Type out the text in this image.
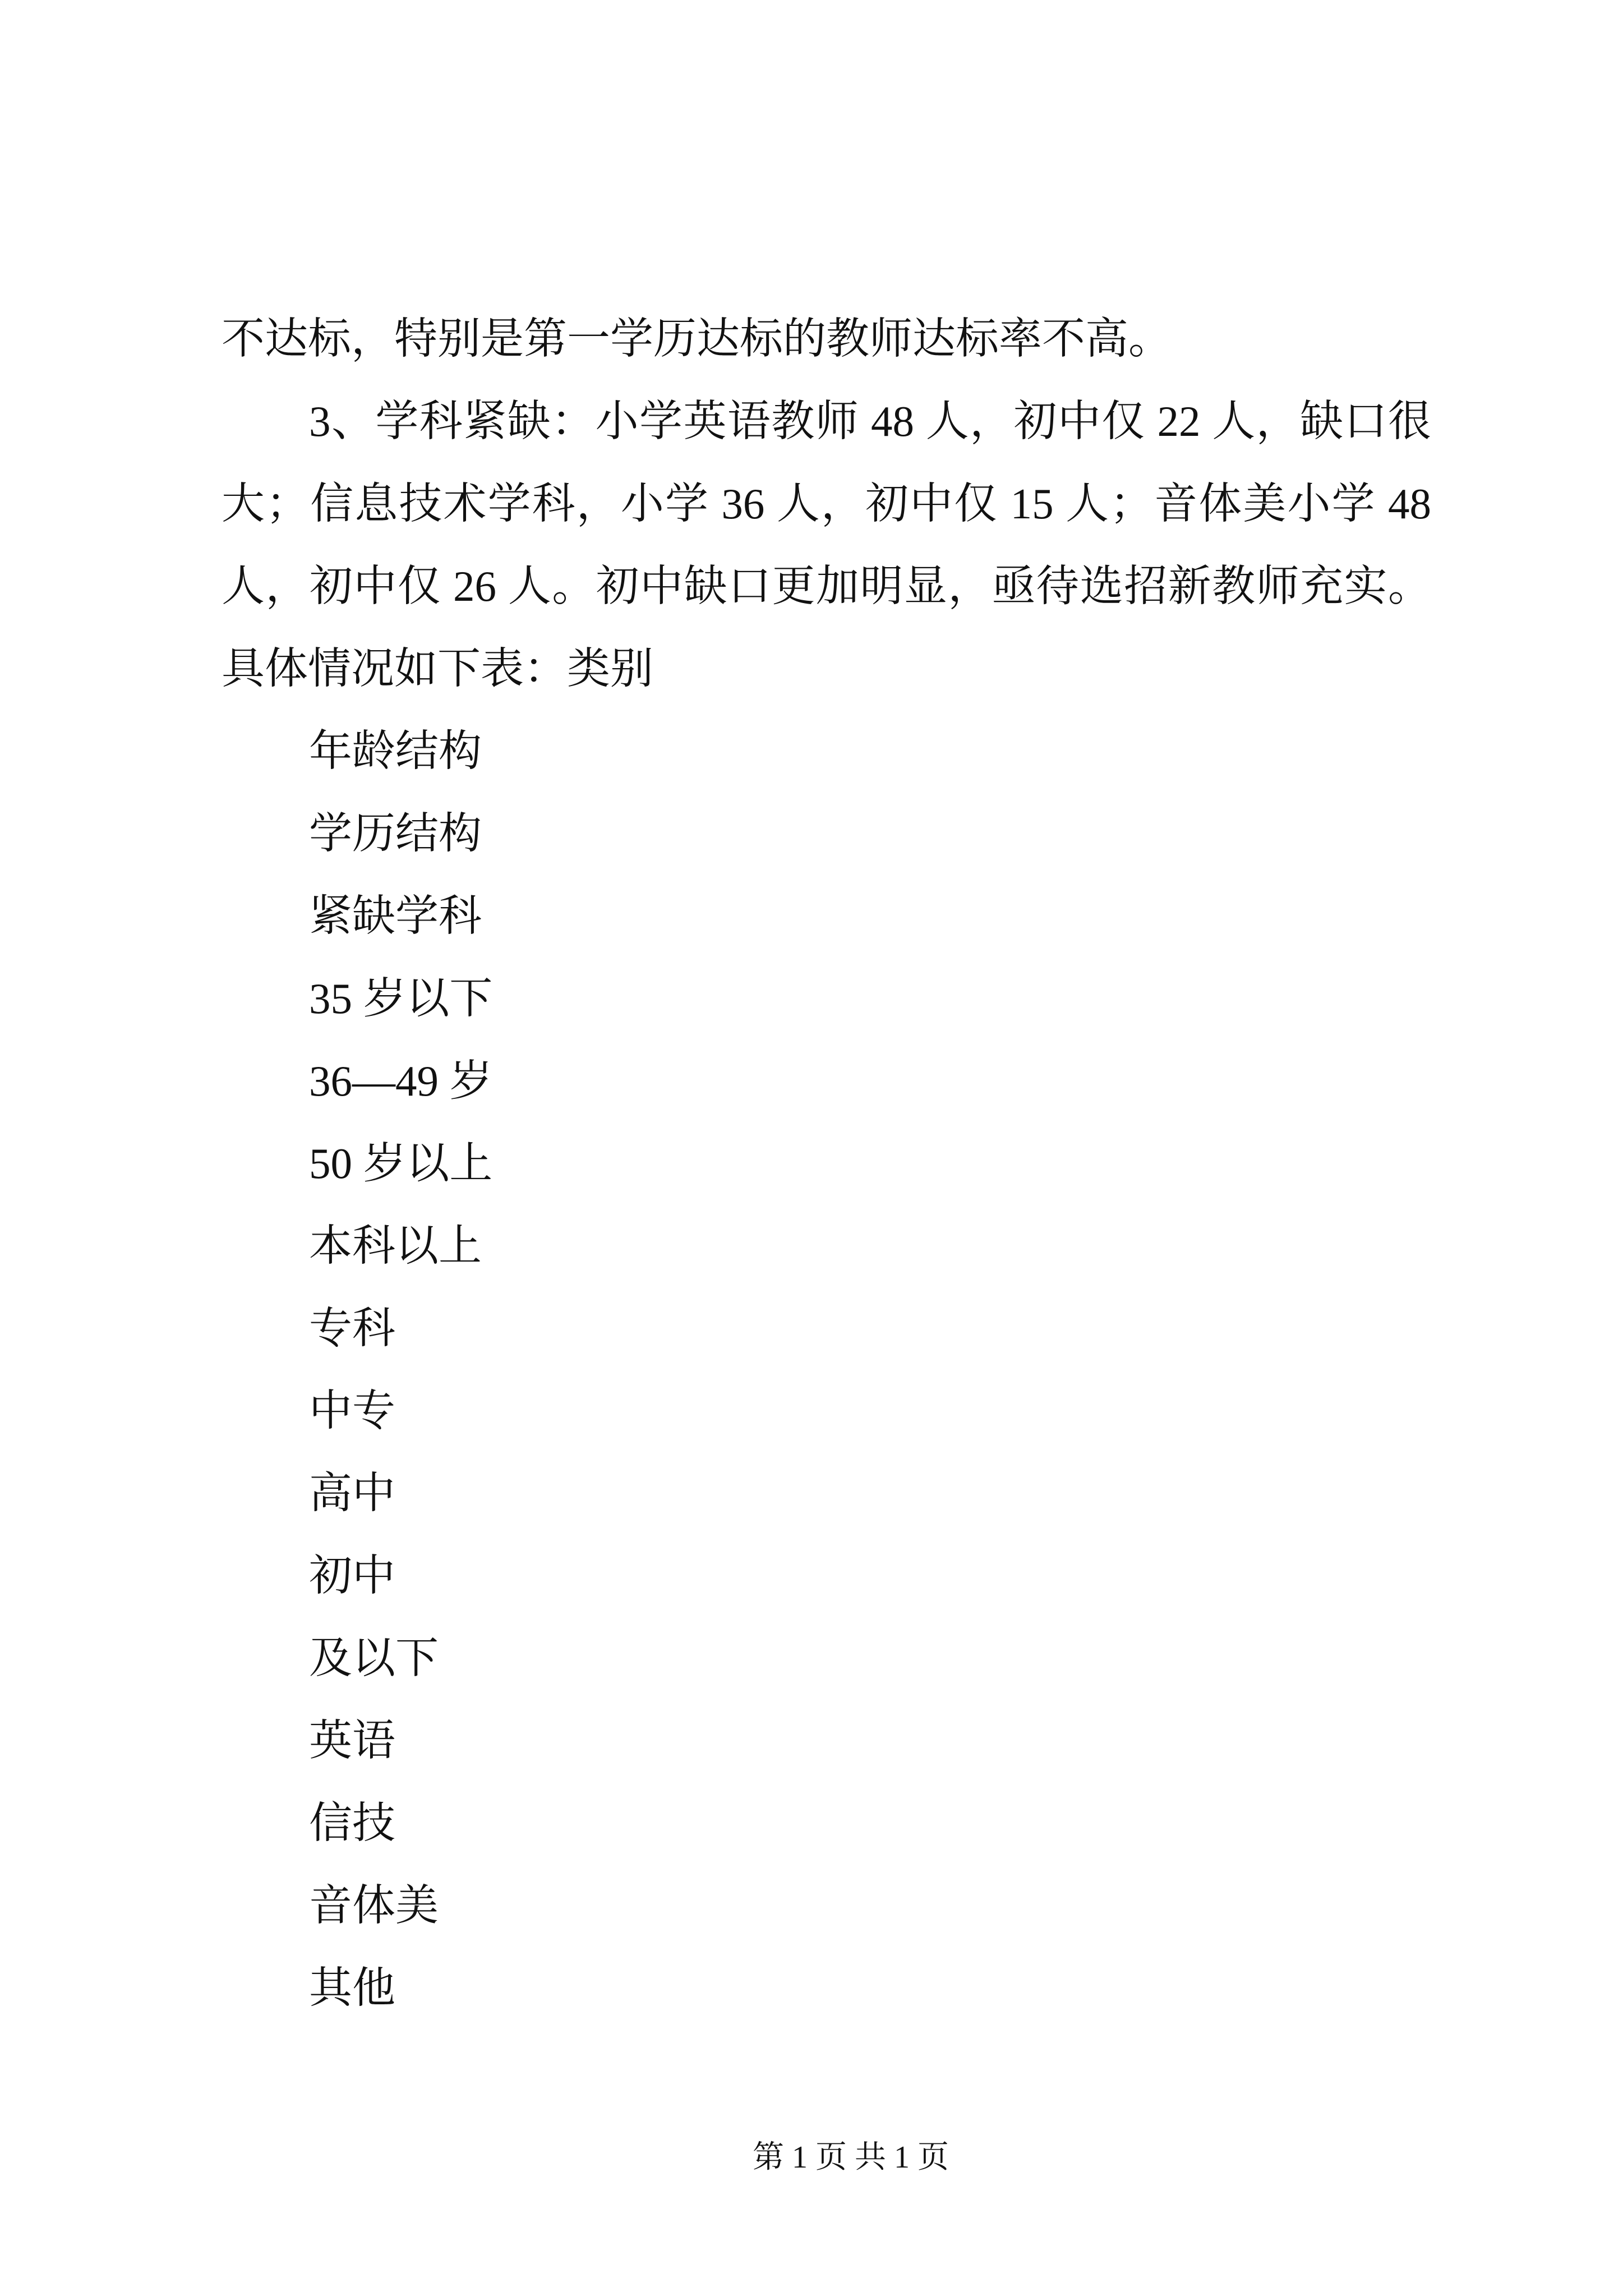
不达标，特别是第一学历达标的教师达标率不高。
3、学科紧缺：小学英语教师 48 人，初中仅 22 人，缺口很
大；信息技术学科，小学 36 人，初中仅 15 人；音体美小学 48
人，初中仅 26 人。初中缺口更加明显，亟待选招新教师充实。
具体情况如下表：类别
年龄结构
学历结构
紧缺学科
35 岁以下
36—49 岁
50 岁以上
本科以上
专科
中专
高中
初中
及以下
英语
信技
音体美
其他
第 1 页 共 1 页
